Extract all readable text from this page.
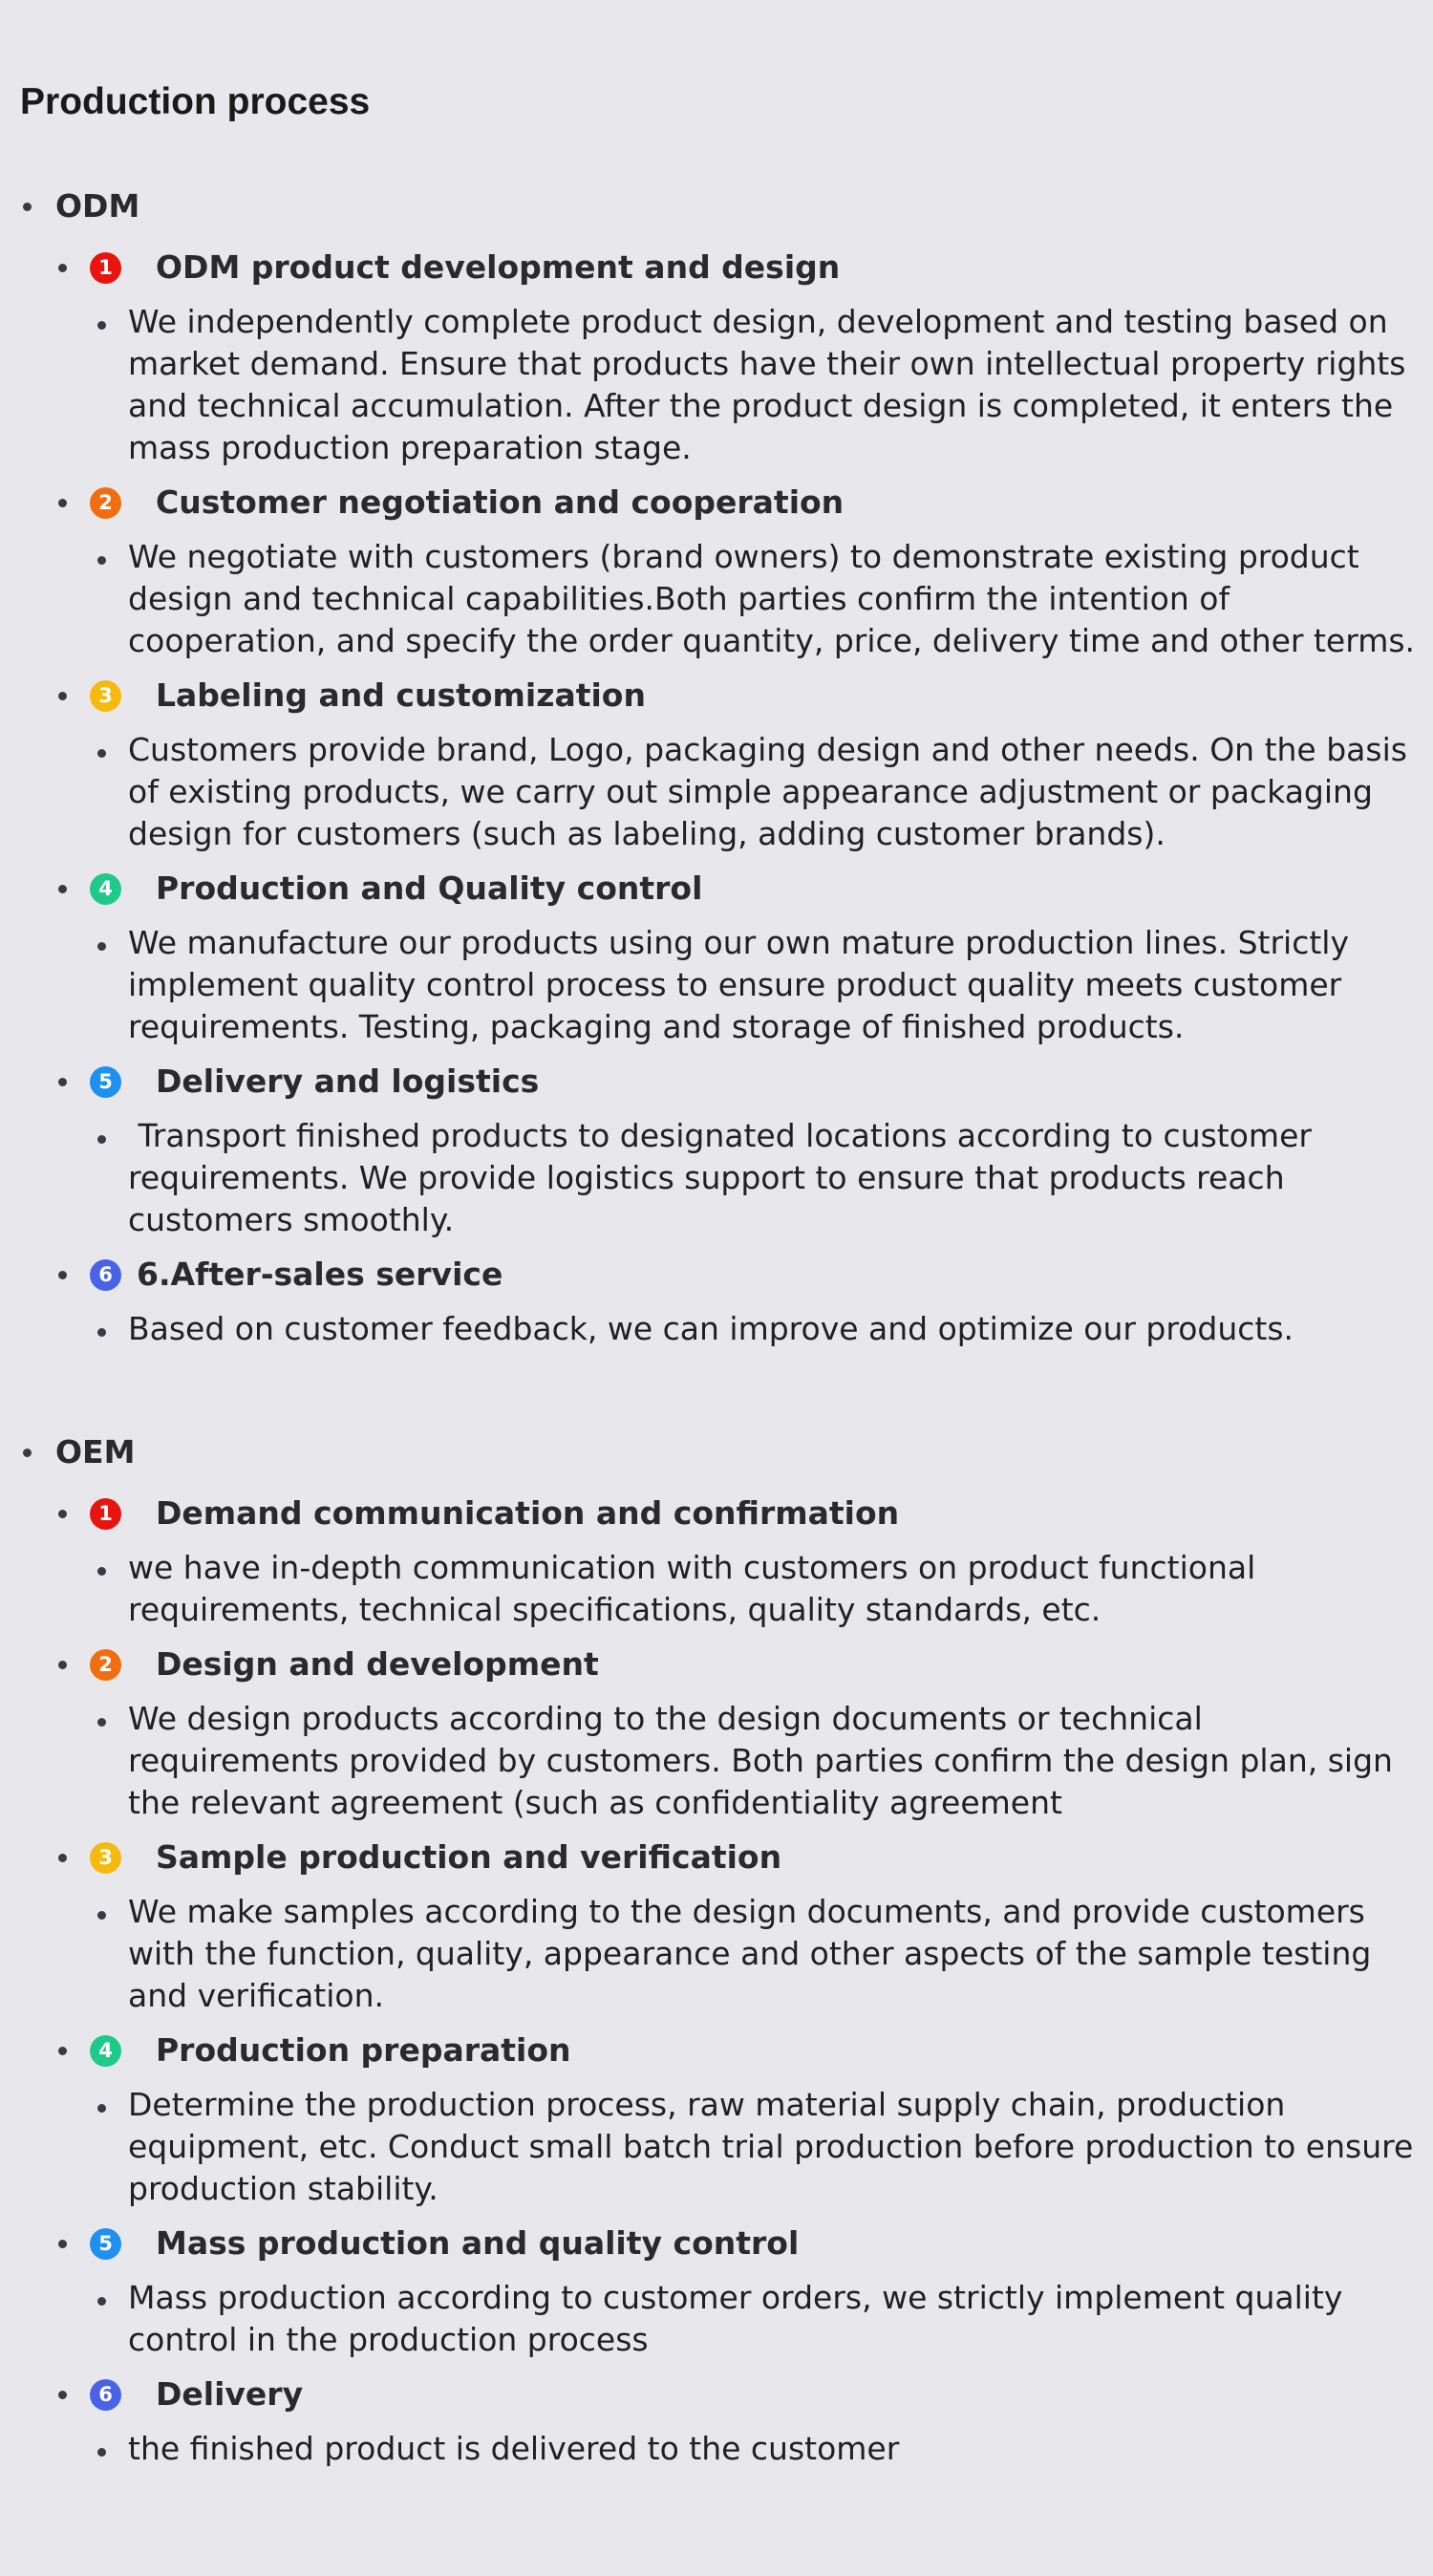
Production process
ODM
1 ODM product development and design

We independently complete product design, development and testing based on market demand. Ensure that products have their own intellectual property rights and technical accumulation. After the product design is completed, it enters the mass production preparation stage.

2 Customer negotiation and cooperation

We negotiate with customers (brand owners) to demonstrate existing product design and technical capabilities.Both parties confirm the intention of cooperation, and specify the order quantity, price, delivery time and other terms.

3 Labeling and customization

Customers provide brand, Logo, packaging design and other needs. On the basis of existing products, we carry out simple appearance adjustment or packaging design for customers (such as labeling, adding customer brands).

4 Production and Quality control

We manufacture our products using our own mature production lines. Strictly implement quality control process to ensure product quality meets customer requirements. Testing, packaging and storage of finished products.

5 Delivery and logistics

Transport finished products to designated locations according to customer requirements. We provide logistics support to ensure that products reach customers smoothly.

6 6.After-sales service

Based on customer feedback, we can improve and optimize our products.

OEM
1 Demand communication and confirmation

we have in-depth communication with customers on product functional requirements, technical specifications, quality standards, etc.

2 Design and development

We design products according to the design documents or technical requirements provided by customers. Both parties confirm the design plan, sign the relevant agreement (such as confidentiality agreement

3 Sample production and verification

We make samples according to the design documents, and provide customers with the function, quality, appearance and other aspects of the sample testing and verification.

4 Production preparation

Determine the production process, raw material supply chain, production equipment, etc. Conduct small batch trial production before production to ensure production stability.

5 Mass production and quality control

Mass production according to customer orders, we strictly implement quality control in the production process

6 Delivery

the finished product is delivered to the customer
